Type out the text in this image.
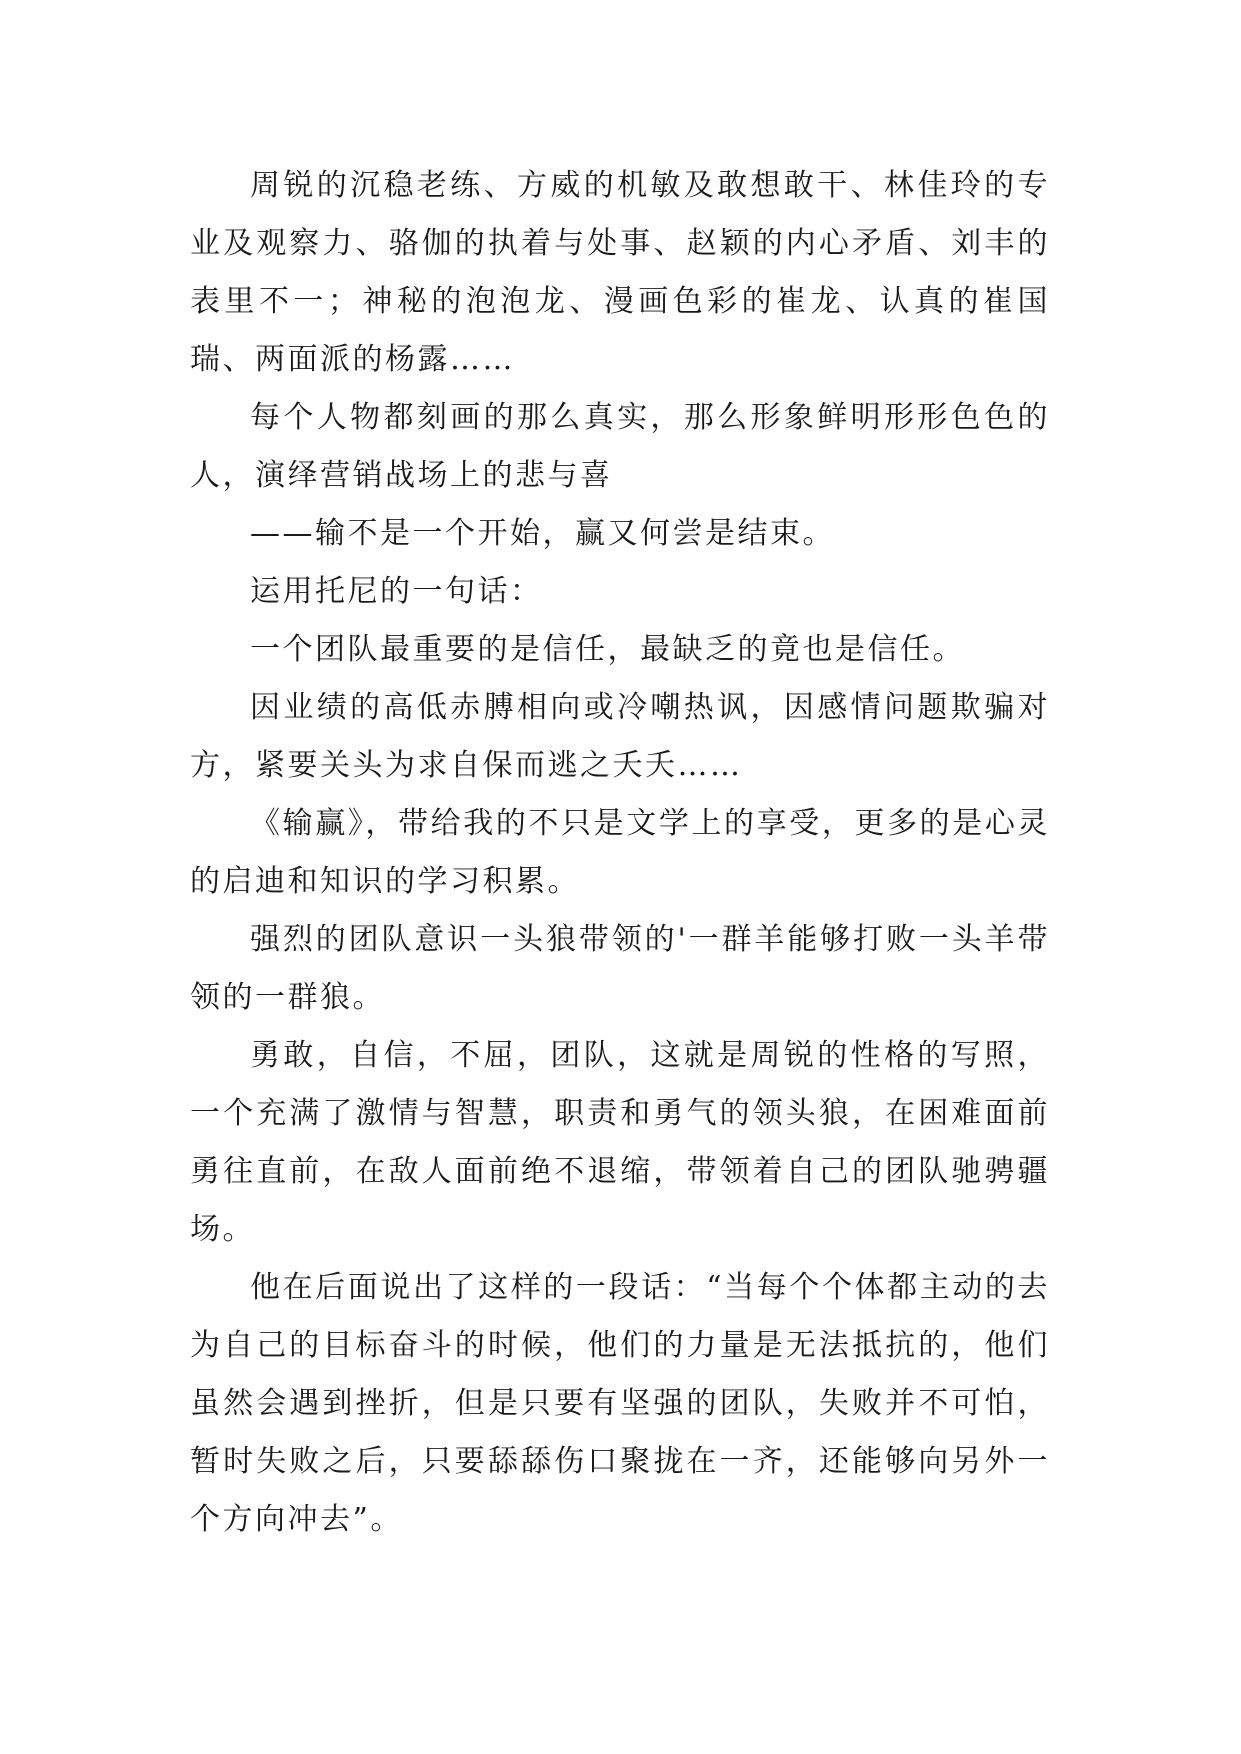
周锐的沉稳老练、方威的机敏及敢想敢干、林佳玲的专业及观察力、骆伽的执着与处事、赵颖的内心矛盾、刘丰的表里不一；神秘的泡泡龙、漫画色彩的崔龙、认真的崔国瑞、两面派的杨露……

每个人物都刻画的那么真实，那么形象鲜明形形色色的人，演绎营销战场上的悲与喜

——输不是一个开始，赢又何尝是结束。

运用托尼的一句话：

一个团队最重要的是信任，最缺乏的竟也是信任。

因业绩的高低赤膊相向或冷嘲热讽，因感情问题欺骗对方，紧要关头为求自保而逃之夭夭……

《输赢》，带给我的不只是文学上的享受，更多的是心灵的启迪和知识的学习积累。

强烈的团队意识一头狼带领的'一群羊能够打败一头羊带领的一群狼。

勇敢，自信，不屈，团队，这就是周锐的性格的写照，一个充满了激情与智慧，职责和勇气的领头狼，在困难面前勇往直前，在敌人面前绝不退缩，带领着自己的团队驰骋疆场。

他在后面说出了这样的一段话：“当每个个体都主动的去为自己的目标奋斗的时候，他们的力量是无法抵抗的，他们虽然会遇到挫折，但是只要有坚强的团队，失败并不可怕，暂时失败之后，只要舔舔伤口聚拢在一齐，还能够向另外一个方向冲去”。
